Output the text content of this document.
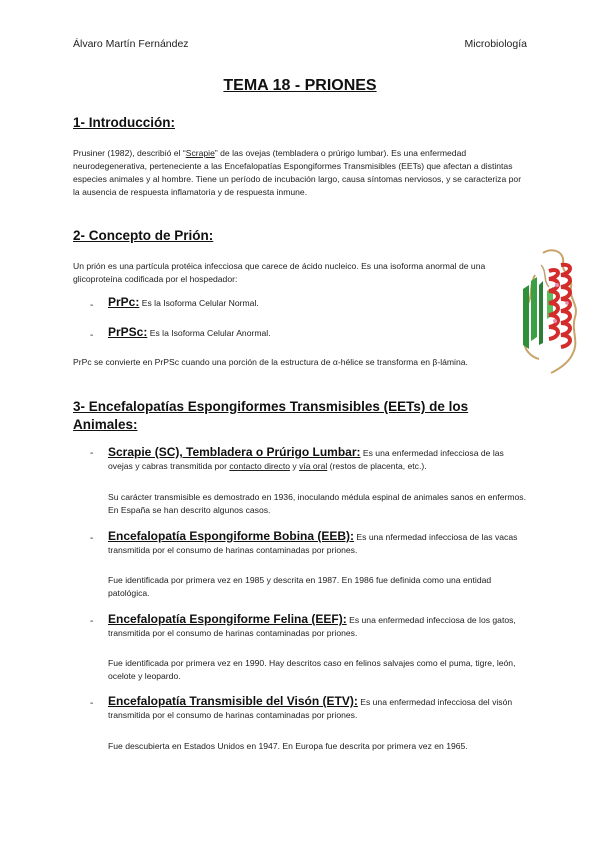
Álvaro Martín Fernández	Microbiología
TEMA 18 - PRIONES
1- Introducción:
Prusiner (1982), describió el “Scrapie” de las ovejas (tembladera o prúrigo lumbar). Es una enfermedad neurodegenerativa, perteneciente a las Encefalopatías Espongiformes Transmisibles (EETs) que afectan a distintas especies animales y al hombre. Tiene un período de incubación largo, causa síntomas nerviosos, y se caracteriza por la ausencia de respuesta inflamatoria y de respuesta inmune.
2- Concepto de Prión:
Un prión es una partícula protéica infecciosa que carece de ácido nucleico. Es una isoforma anormal de una glicoproteína codificada por el hospedador:
- PrPc: Es la Isoforma Celular Normal.
- PrPSc: Es la Isoforma Celular Anormal.
PrPc se convierte en PrPSc cuando una porción de la estructura de α-hélice se transforma en β-lámina.
3- Encefalopatías Espongiformes Transmisibles (EETs) de los
Animales:
- Scrapie (SC), Tembladera o Prúrigo Lumbar: Es una enfermedad infecciosa de las ovejas y cabras transmitida por contacto directo y vía oral (restos de placenta, etc.).
Su carácter transmisible es demostrado en 1936, inoculando médula espinal de animales sanos en enfermos. En España se han descrito algunos casos.
- Encefalopatía Espongiforme Bobina (EEB): Es una nfermedad infecciosa de las vacas transmitida por el consumo de harinas contaminadas por priones.
Fue identificada por primera vez en 1985 y descrita en 1987. En 1986 fue definida como una entidad patológica.
- Encefalopatía Espongiforme Felina (EEF): Es una enfermedad infecciosa de los gatos, transmitida por el consumo de harinas contaminadas por priones.
Fue identificada por primera vez en 1990. Hay descritos caso en felinos salvajes como el puma, tigre, león, ocelote y leopardo.
- Encefalopatía Transmisible del Visón (ETV): Es una enfermedad infecciosa del visón transmitida por el consumo de harinas contaminadas por priones.
Fue descubierta en Estados Unidos en 1947. En Europa fue descrita por primera vez en 1965.
